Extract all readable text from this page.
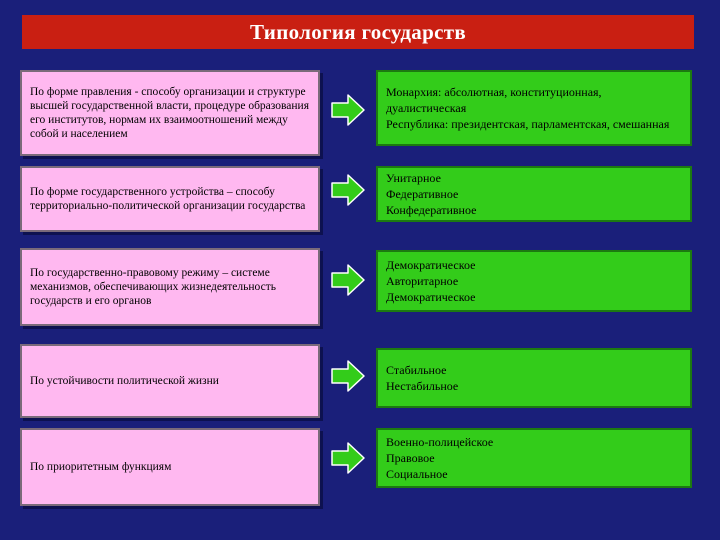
Типология государств
По форме правления - способу организации и структуре высшей государственной власти, процедуре образования его институтов, нормам их взаимоотношений между собой и населением
Монархия: абсолютная, конституционная, дуалистическая
Республика: президентская, парламентская, смешанная
По форме государственного устройства – способу территориально-политической организации государства
Унитарное
Федеративное
Конфедеративное
По государственно-правовому режиму – системе механизмов, обеспечивающих жизнедеятельность государств и его органов
Демократическое
Авторитарное
Демократическое
По устойчивости политической жизни
Стабильное
Нестабильное
По приоритетным функциям
Военно-полицейское
Правовое
Социальное
